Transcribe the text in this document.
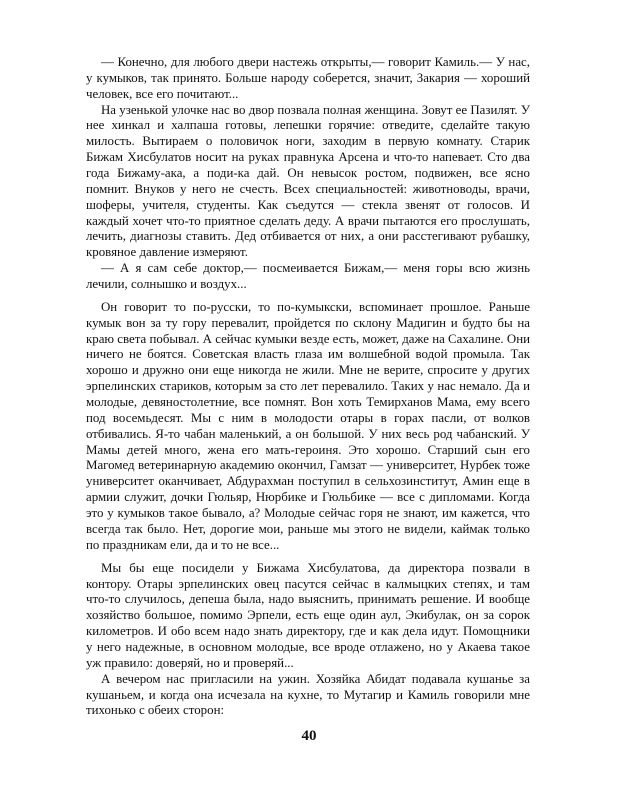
— Конечно, для любого двери настежь открыты,— говорит Камиль.— У нас, у кумыков, так принято. Больше народу соберется, значит, Закария — хороший человек, все его почитают...

На узенькой улочке нас во двор позвала полная женщина. Зовут ее Пазилят. У нее хинкал и халпаша готовы, лепешки горячие: отведите, сделайте такую милость. Вытираем о половичок ноги, заходим в первую комнату. Старик Бижам Хисбулатов носит на руках правнука Арсена и что-то напевает. Сто два года Бижаму-ака, а поди-ка дай. Он невысок ростом, подвижен, все ясно помнит. Внуков у него не счесть. Всех специальностей: животноводы, врачи, шоферы, учителя, студенты. Как съедутся — стекла звенят от голосов. И каждый хочет что-то приятное сделать деду. А врачи пытаются его прослушать, лечить, диагнозы ставить. Дед отбивается от них, а они расстегивают рубашку, кровяное давление измеряют.

— А я сам себе доктор,— посмеивается Бижам,— меня горы всю жизнь лечили, солнышко и воздух...

Он говорит то по-русски, то по-кумыкски, вспоминает прошлое. Раньше кумык вон за ту гору перевалит, пройдется по склону Мадигин и будто бы на краю света побывал. А сейчас кумыки везде есть, может, даже на Сахалине. Они ничего не боятся. Советская власть глаза им волшебной водой промыла. Так хорошо и дружно они еще никогда не жили. Мне не верите, спросите у других эрпелинских стариков, которым за сто лет перевалило. Таких у нас немало. Да и молодые, девяностолетние, все помнят. Вон хоть Темирханов Мама, ему всего под восемьдесят. Мы с ним в молодости отары в горах пасли, от волков отбивались. Я-то чабан маленький, а он большой. У них весь род чабанский. У Мамы детей много, жена его мать-героиня. Это хорошо. Старший сын его Магомед ветеринарную академию окончил, Гамзат — университет, Нурбек тоже университет оканчивает, Абдурахман поступил в сельхозинститут, Амин еще в армии служит, дочки Гюльяр, Нюрбике и Гюльбике — все с дипломами. Когда это у кумыков такое бывало, а? Молодые сейчас горя не знают, им кажется, что всегда так было. Нет, дорогие мои, раньше мы этого не видели, каймак только по праздникам ели, да и то не все...

Мы бы еще посидели у Бижама Хисбулатова, да директора позвали в контору. Отары эрпелинских овец пасутся сейчас в калмыцких степях, и там что-то случилось, депеша была, надо выяснить, принимать решение. И вообще хозяйство большое, помимо Эрпели, есть еще один аул, Экибулак, он за сорок километров. И обо всем надо знать директору, где и как дела идут. Помощники у него надежные, в основном молодые, все вроде отлажено, но у Акаева такое уж правило: доверяй, но и проверяй...

А вечером нас пригласили на ужин. Хозяйка Абидат подавала кушанье за кушаньем, и когда она исчезала на кухне, то Мутагир и Камиль говорили мне тихонько с обеих сторон:

40
